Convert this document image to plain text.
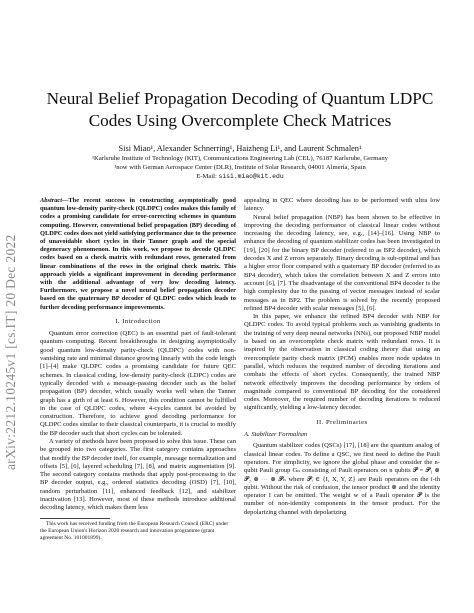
arXiv:2212.10245v1 [cs.IT] 20 Dec 2022
Neural Belief Propagation Decoding of Quantum LDPC Codes Using Overcomplete Check Matrices
Sisi Miao¹, Alexander Schnerring¹, Haizheng Li¹, and Laurent Schmalen¹
¹Karlsruhe Institute of Technology (KIT), Communications Engineering Lab (CEL), 76187 Karlsruhe, Germany
¹now with German Aerospace Center (DLR), Institute of Solar Research, 04001 Almería, Spain
E-Mail: sisi.miao@kit.edu
Abstract—The recent success in constructing asymptotically good quantum low-density parity-check (QLDPC) codes makes this family of codes a promising candidate for error-correcting schemes in quantum computing. However, conventional belief propagation (BP) decoding of QLDPC codes does not yield satisfying performance due to the presence of unavoidable short cycles in their Tanner graph and the special degeneracy phenomenon. In this work, we propose to decode QLDPC codes based on a check matrix with redundant rows, generated from linear combinations of the rows in the original check matrix. This approach yields a significant improvement in decoding performance with the additional advantage of very low decoding latency. Furthermore, we propose a novel neural belief propagation decoder based on the quaternary BP decoder of QLDPC codes which leads to further decoding performance improvements.
I. Introduction

Quantum error correction (QEC) is an essential part of fault-tolerant quantum computing. Recent breakthroughs in designing asymptotically good quantum low-density parity-check (QLDPC) codes with non-vanishing rate and minimal distance growing linearly with the code length [1]–[4] make QLDPC codes a promising candidate for future QEC schemes. In classical coding, low-density parity-check (LDPC) codes are typically decoded with a message-passing decoder such as the belief propagation (BP) decoder, which usually works well when the Tanner graph has a girth of at least 6. However, this condition cannot be fulfilled in the case of QLDPC codes, where 4-cycles cannot be avoided by construction. Therefore, to achieve good decoding performance for QLDPC codes similar to their classical counterparts, it is crucial to modify the BP decoder such that short cycles can be tolerated.

A variety of methods have been proposed to solve this issue. These can be grouped into two categories. The first category contains approaches that modify the BP decoder itself, for example, message normalization and offsets [5], [6], layered scheduling [7], [8], and matrix augmentation [9]. The second category contains methods that apply post-processing to the BP decoder output, e.g., ordered statistics decoding (OSD) [7], [10], random perturbation [11], enhanced feedback [12], and stabilizer inactivation [13]. However, most of these methods introduce additional decoding latency, which makes them less

This work has received funding from the European Research Council (ERC) under the European Union's Horizon 2020 research and innovation programme (grant agreement No. 101001899).

appealing in QEC where decoding has to be performed with ultra low latency.

Neural belief propagation (NBP) has been shown to be effective in improving the decoding performance of classical linear codes without increasing the decoding latency, see, e.g., [14]–[16]. Using NBP to enhance the decoding of quantum stabilizer codes has been investigated in [19], [20] for the binary BP decoder (referred to as BP2 decoder), which decodes X and Z errors separately. Binary decoding is sub-optimal and has a higher error floor compared with a quaternary BP decoder (referred to as BP4 decoder), which takes the correlation between X and Z errors into account [6], [7]. The disadvantage of the conventional BP4 decoder is the high complexity due to the passing of vector messages instead of scalar messages as in BP2. The problem is solved by the recently proposed refined BP4 decoder with scalar messages [5], [6].

In this paper, we enhance the refined BP4 decoder with NBP for QLDPC codes. To avoid typical problems such as vanishing gradients in the training of very deep neural networks (NNs), our proposed NBP model is based on an overcomplete check matrix with redundant rows. It is inspired by the observation in classical coding theory that using an overcomplete parity check matrix (PCM) enables more node updates in parallel, which reduces the required number of decoding iterations and combats the effects of short cycles. Consequently, the trained NBP network effectively improves the decoding performance by orders of magnitude compared to conventional BP decoding for the considered codes. Moreover, the required number of decoding iterations is reduced significantly, yielding a low-latency decoder.

II. Preliminaries
A. Stabilizer Formalism

Quantum stabilizer codes (QSCs) [17], [18] are the quantum analog of classical linear codes. To define a QSC, we first need to define the Pauli operators. For simplicity, we ignore the global phase and consider the n-qubit Pauli group Gₙ consisting of Pauli operators on n qubits 𝓟 = 𝓟₁ ⊗ 𝓟₂ ⊗ ⋯ ⊗ 𝓟ₙ where 𝓟ᵢ ∈ {I, X, Y, Z} are Pauli operators on the i-th qubit. Without the risk of confusion, the tensor product ⊗ and the identity operator I can be omitted. The weight w of a Pauli operator 𝓟 is the number of non-identity components in the tensor product. For the depolarizing channel with depolarizing
